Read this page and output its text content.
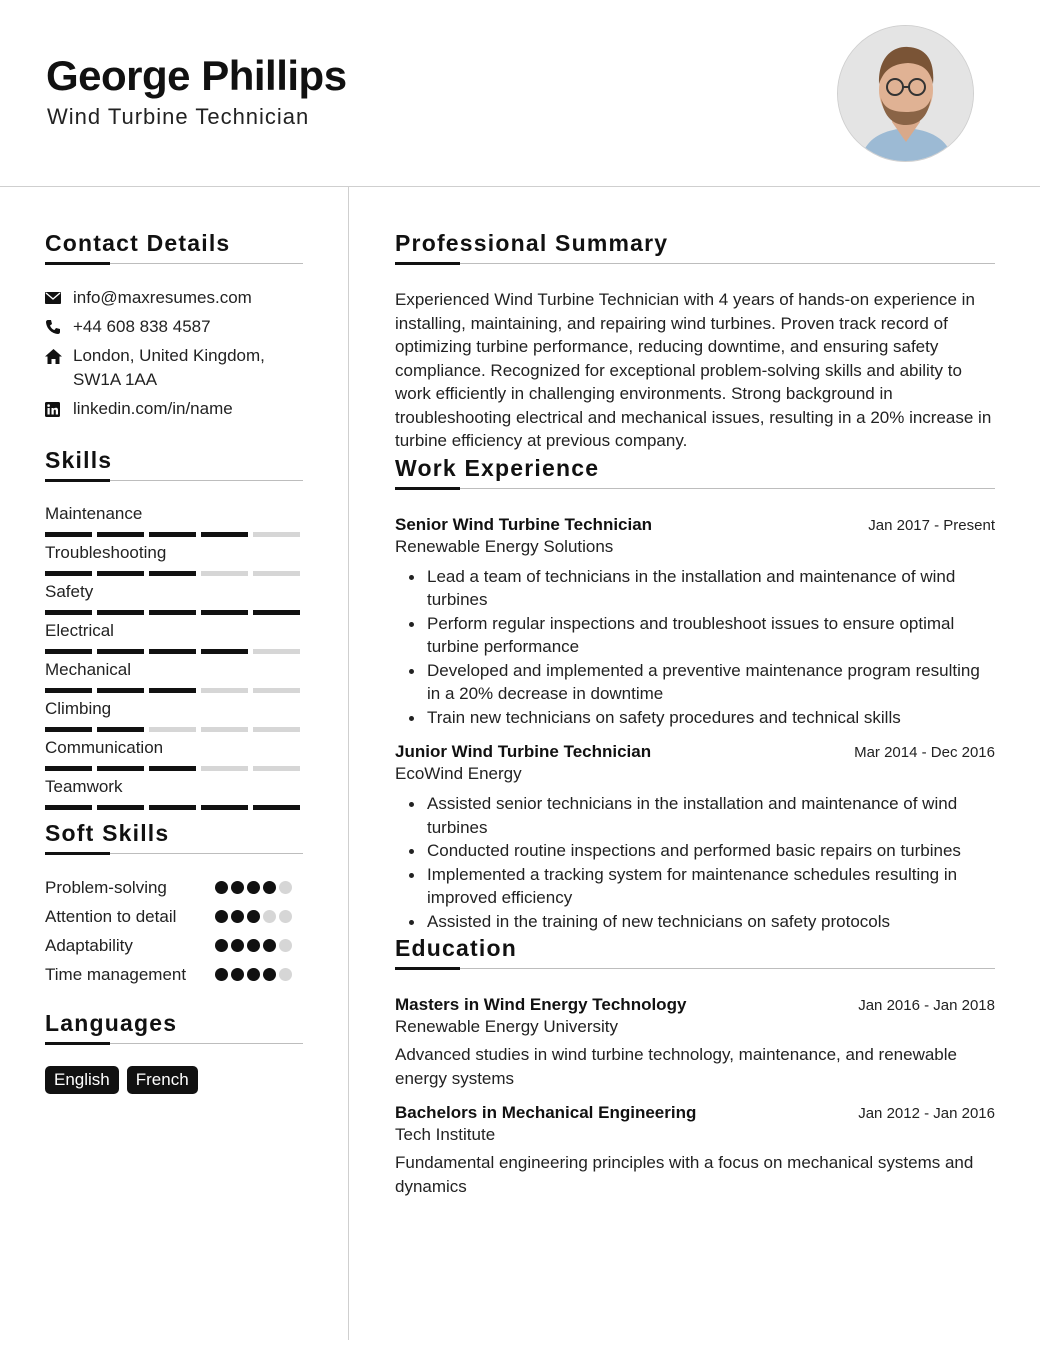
George Phillips
Wind Turbine Technician
Contact Details
info@maxresumes.com
+44 608 838 4587
London, United Kingdom, SW1A 1AA
linkedin.com/in/name
Skills
Maintenance
Troubleshooting
Safety
Electrical
Mechanical
Climbing
Communication
Teamwork
Soft Skills
Problem-solving
Attention to detail
Adaptability
Time management
Languages
English	French
Professional Summary

Experienced Wind Turbine Technician with 4 years of hands-on experience in installing, maintaining, and repairing wind turbines. Proven track record of optimizing turbine performance, reducing downtime, and ensuring safety compliance. Recognized for exceptional problem-solving skills and ability to work efficiently in challenging environments. Strong background in troubleshooting electrical and mechanical issues, resulting in a 20% increase in turbine efficiency at previous company.

Work Experience
Senior Wind Turbine Technician	Jan 2017 - Present
Renewable Energy Solutions
Lead a team of technicians in the installation and maintenance of wind turbines
Perform regular inspections and troubleshoot issues to ensure optimal turbine performance
Developed and implemented a preventive maintenance program resulting in a 20% decrease in downtime
Train new technicians on safety procedures and technical skills
Junior Wind Turbine Technician	Mar 2014 - Dec 2016
EcoWind Energy
Assisted senior technicians in the installation and maintenance of wind turbines
Conducted routine inspections and performed basic repairs on turbines
Implemented a tracking system for maintenance schedules resulting in improved efficiency
Assisted in the training of new technicians on safety protocols
Education
Masters in Wind Energy Technology	Jan 2016 - Jan 2018
Renewable Energy University

Advanced studies in wind turbine technology, maintenance, and renewable energy systems

Bachelors in Mechanical Engineering	Jan 2012 - Jan 2016
Tech Institute

Fundamental engineering principles with a focus on mechanical systems and dynamics
